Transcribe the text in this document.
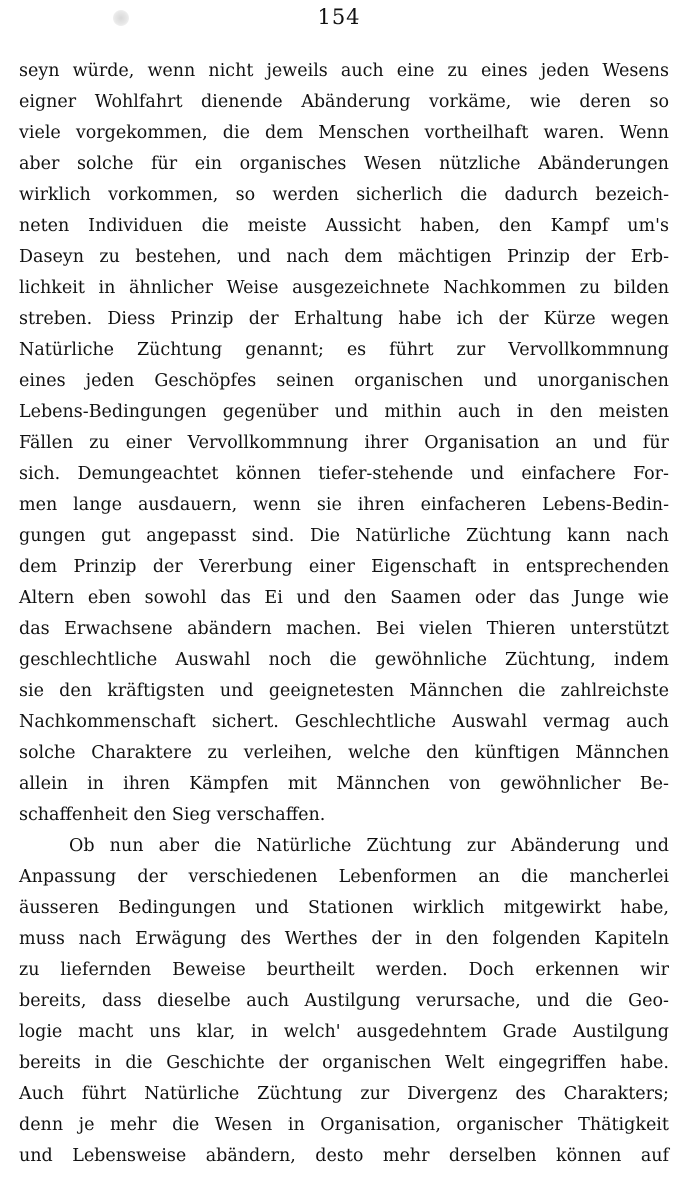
154
seyn würde, wenn nicht jeweils auch eine zu eines jeden Wesens
eigner Wohlfahrt dienende Abänderung vorkäme, wie deren so
viele vorgekommen, die dem Menschen vortheilhaft waren. Wenn
aber solche für ein organisches Wesen nützliche Abänderungen
wirklich vorkommen, so werden sicherlich die dadurch bezeich-
neten Individuen die meiste Aussicht haben, den Kampf um's
Daseyn zu bestehen, und nach dem mächtigen Prinzip der Erb-
lichkeit in ähnlicher Weise ausgezeichnete Nachkommen zu bilden
streben. Diess Prinzip der Erhaltung habe ich der Kürze wegen
Natürliche Züchtung genannt; es führt zur Vervollkommnung
eines jeden Geschöpfes seinen organischen und unorganischen
Lebens-Bedingungen gegenüber und mithin auch in den meisten
Fällen zu einer Vervollkommnung ihrer Organisation an und für
sich. Demungeachtet können tiefer-stehende und einfachere For-
men lange ausdauern, wenn sie ihren einfacheren Lebens-Bedin-
gungen gut angepasst sind. Die Natürliche Züchtung kann nach
dem Prinzip der Vererbung einer Eigenschaft in entsprechenden
Altern eben sowohl das Ei und den Saamen oder das Junge wie
das Erwachsene abändern machen. Bei vielen Thieren unterstützt
geschlechtliche Auswahl noch die gewöhnliche Züchtung, indem
sie den kräftigsten und geeignetesten Männchen die zahlreichste
Nachkommenschaft sichert. Geschlechtliche Auswahl vermag auch
solche Charaktere zu verleihen, welche den künftigen Männchen
allein in ihren Kämpfen mit Männchen von gewöhnlicher Be-
schaffenheit den Sieg verschaffen.
Ob nun aber die Natürliche Züchtung zur Abänderung und
Anpassung der verschiedenen Lebenformen an die mancherlei
äusseren Bedingungen und Stationen wirklich mitgewirkt habe,
muss nach Erwägung des Werthes der in den folgenden Kapiteln
zu liefernden Beweise beurtheilt werden. Doch erkennen wir
bereits, dass dieselbe auch Austilgung verursache, und die Geo-
logie macht uns klar, in welch' ausgedehntem Grade Austilgung
bereits in die Geschichte der organischen Welt eingegriffen habe.
Auch führt Natürliche Züchtung zur Divergenz des Charakters;
denn je mehr die Wesen in Organisation, organischer Thätigkeit
und Lebensweise abändern, desto mehr derselben können auf
